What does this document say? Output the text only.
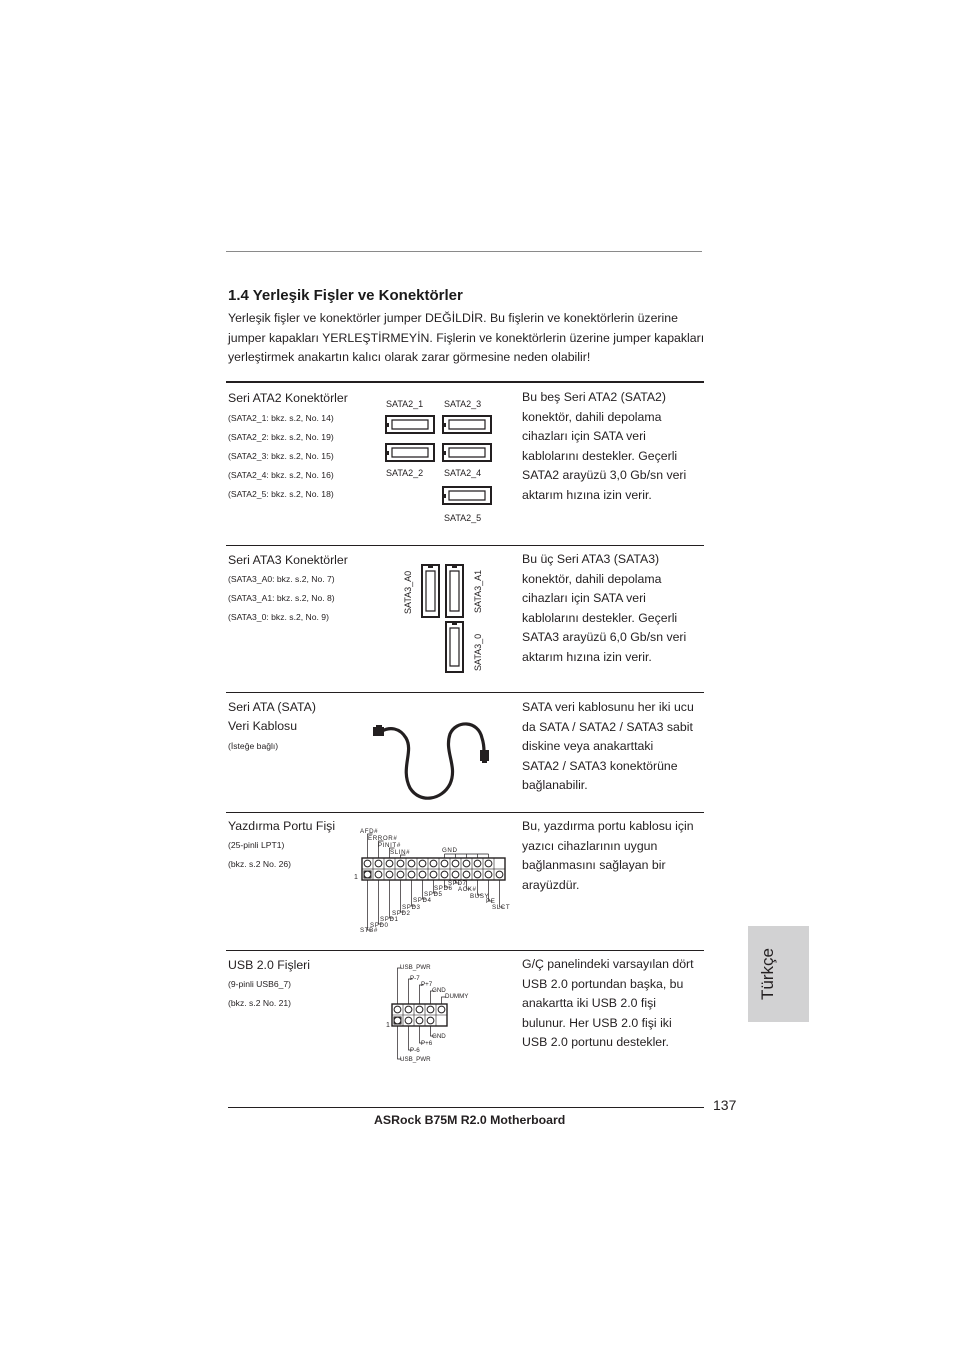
1.4 Yerleşik Fişler ve Konektörler
Yerleşik fişler ve konektörler jumper DEĞİLDİR. Bu fişlerin ve konektörlerin üzerine jumper kapakları YERLEŞTİRMEYİN. Fişlerin ve konektörlerin üzerine jumper kapakları yerleştirmek anakartın kalıcı olarak zarar görmesine neden olabilir!
Seri ATA2 Konektörler
(SATA2_1: bkz. s.2, No. 14)
(SATA2_2: bkz. s.2, No. 19)
(SATA2_3: bkz. s.2, No. 15)
(SATA2_4: bkz. s.2, No. 16)
(SATA2_5: bkz. s.2, No. 18)
SATA2_1 SATA2_3
SATA2_2 SATA2_4
SATA2_5
Bu beş Seri ATA2 (SATA2)
konektör, dahili depolama
cihazları için SATA veri
kablolarını destekler. Geçerli
SATA2 arayüzü 3,0 Gb/sn veri
aktarım hızına izin verir.
Seri ATA3 Konektörler
(SATA3_A0: bkz. s.2, No. 7)
(SATA3_A1: bkz. s.2, No. 8)
(SATA3_0: bkz. s.2, No. 9)
SATA3_A0	SATA3_A1
SATA3_0
Bu üç Seri ATA3 (SATA3)
konektör, dahili depolama
cihazları için SATA veri
kablolarını destekler. Geçerli
SATA3 arayüzü 6,0 Gb/sn veri
aktarım hızına izin verir.
Seri ATA (SATA)
Veri Kablosu
(İsteğe bağlı)
SATA veri kablosunu her iki ucu
da SATA / SATA2 / SATA3 sabit
diskine veya anakarttaki
SATA2 / SATA3 konektörüne
bağlanabilir.
Yazdırma Portu Fişi
(25-pinli LPT1)
(bkz. s.2 No. 26)
AFD#
ERROR#
PINIT#
SLIN#	GND
1
SPD7
ACK#
BUSY
PE
SLCT
SPD6
SPD5
SPD4
SPD3
SPD2
SPD1
SPD0
STB#
Bu, yazdırma portu kablosu için
yazıcı cihazlarının uygun
bağlanmasını sağlayan bir
arayüzdür.
USB 2.0 Fişleri
(9-pinli USB6_7)
(bkz. s.2 No. 21)
USB_PWR
P-7
P+7
GND
DUMMY
1
GND
P+6
P-6
USB_PWR
G/Ç panelindeki varsayılan dört
USB 2.0 portundan başka, bu
anakartta iki USB 2.0 fişi
bulunur. Her USB 2.0 fişi iki
USB 2.0 portunu destekler.
Türkçe
137
ASRock B75M R2.0 Motherboard
